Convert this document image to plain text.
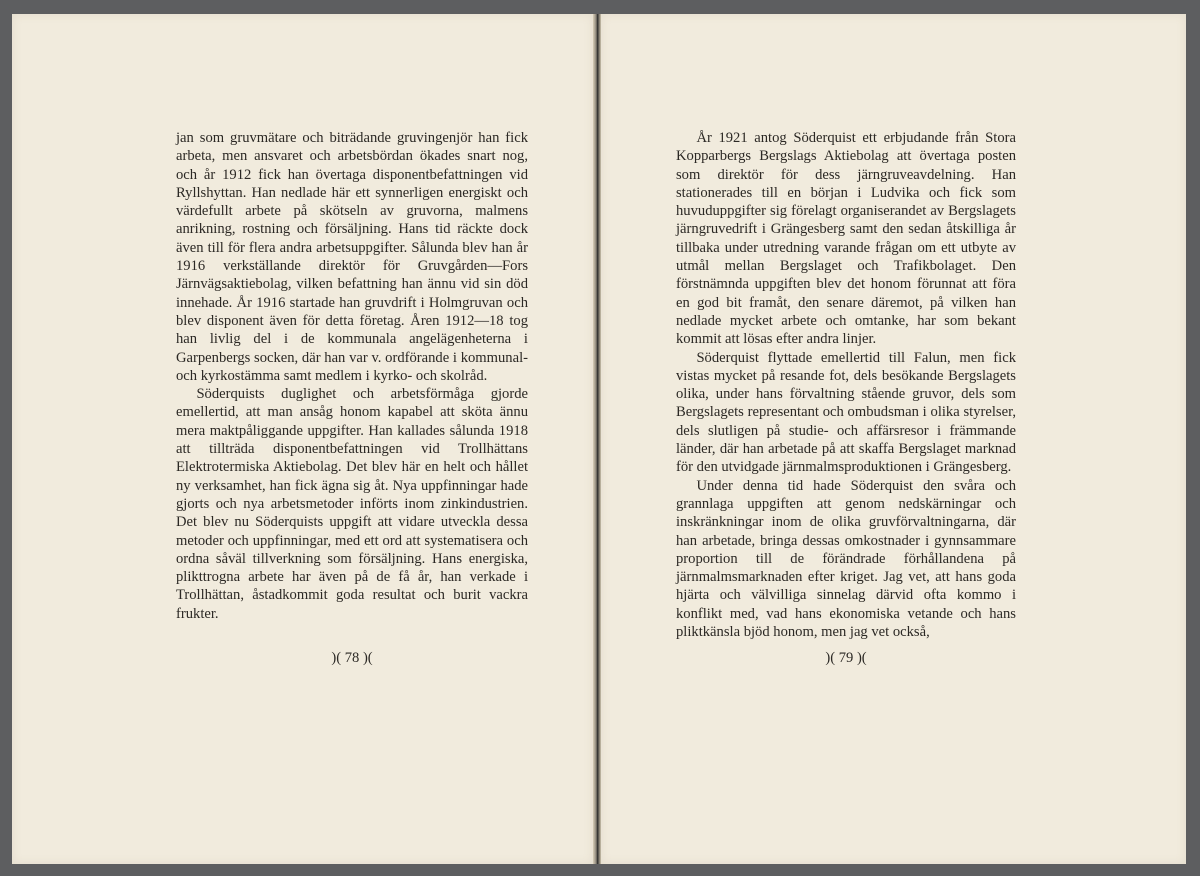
jan som gruvmätare och biträdande gruvingenjör han fick arbeta, men ansvaret och arbetsbördan ökades snart nog, och år 1912 fick han övertaga disponentbefattningen vid Ryllshyttan. Han nedlade här ett synnerligen energiskt och värdefullt arbete på skötseln av gruvorna, malmens anrikning, rostning och försäljning. Hans tid räckte dock även till för flera andra arbetsuppgifter. Sålunda blev han år 1916 verkställande direktör för Gruvgården—Fors Järnvägsaktiebolag, vilken befattning han ännu vid sin död innehade. År 1916 startade han gruvdrift i Holmgruvan och blev disponent även för detta företag. Åren 1912—18 tog han livlig del i de kommunala angelägenheterna i Garpenbergs socken, där han var v. ordförande i kommunal- och kyrkostämma samt medlem i kyrko- och skolråd.

Söderquists duglighet och arbetsförmåga gjorde emellertid, att man ansåg honom kapabel att sköta ännu mera maktpåliggande uppgifter. Han kallades sålunda 1918 att tillträda disponentbefattningen vid Trollhättans Elektrotermiska Aktiebolag. Det blev här en helt och hållet ny verksamhet, han fick ägna sig åt. Nya uppfinningar hade gjorts och nya arbetsmetoder införts inom zinkindustrien. Det blev nu Söderquists uppgift att vidare utveckla dessa metoder och uppfinningar, med ett ord att systematisera och ordna såväl tillverkning som försäljning. Hans energiska, plikttrogna arbete har även på de få år, han verkade i Trollhättan, åstadkommit goda resultat och burit vackra frukter.

)( 78 )(

År 1921 antog Söderquist ett erbjudande från Stora Kopparbergs Bergslags Aktiebolag att övertaga posten som direktör för dess järngruveavdelning. Han stationerades till en början i Ludvika och fick som huvuduppgifter sig förelagt organiserandet av Bergslagets järngruvedrift i Grängesberg samt den sedan åtskilliga år tillbaka under utredning varande frågan om ett utbyte av utmål mellan Bergslaget och Trafikbolaget. Den förstnämnda uppgiften blev det honom förunnat att föra en god bit framåt, den senare däremot, på vilken han nedlade mycket arbete och omtanke, har som bekant kommit att lösas efter andra linjer.

Söderquist flyttade emellertid till Falun, men fick vistas mycket på resande fot, dels besökande Bergslagets olika, under hans förvaltning stående gruvor, dels som Bergslagets representant och ombudsman i olika styrelser, dels slutligen på studie- och affärsresor i främmande länder, där han arbetade på att skaffa Bergslaget marknad för den utvidgade järnmalmsproduktionen i Grängesberg.

Under denna tid hade Söderquist den svåra och grannlaga uppgiften att genom nedskärningar och inskränkningar inom de olika gruvförvaltningarna, där han arbetade, bringa dessas omkostnader i gynnsammare proportion till de förändrade förhållandena på järnmalmsmarknaden efter kriget. Jag vet, att hans goda hjärta och välvilliga sinnelag därvid ofta kommo i konflikt med, vad hans ekonomiska vetande och hans pliktkänsla bjöd honom, men jag vet också,

)( 79 )(
